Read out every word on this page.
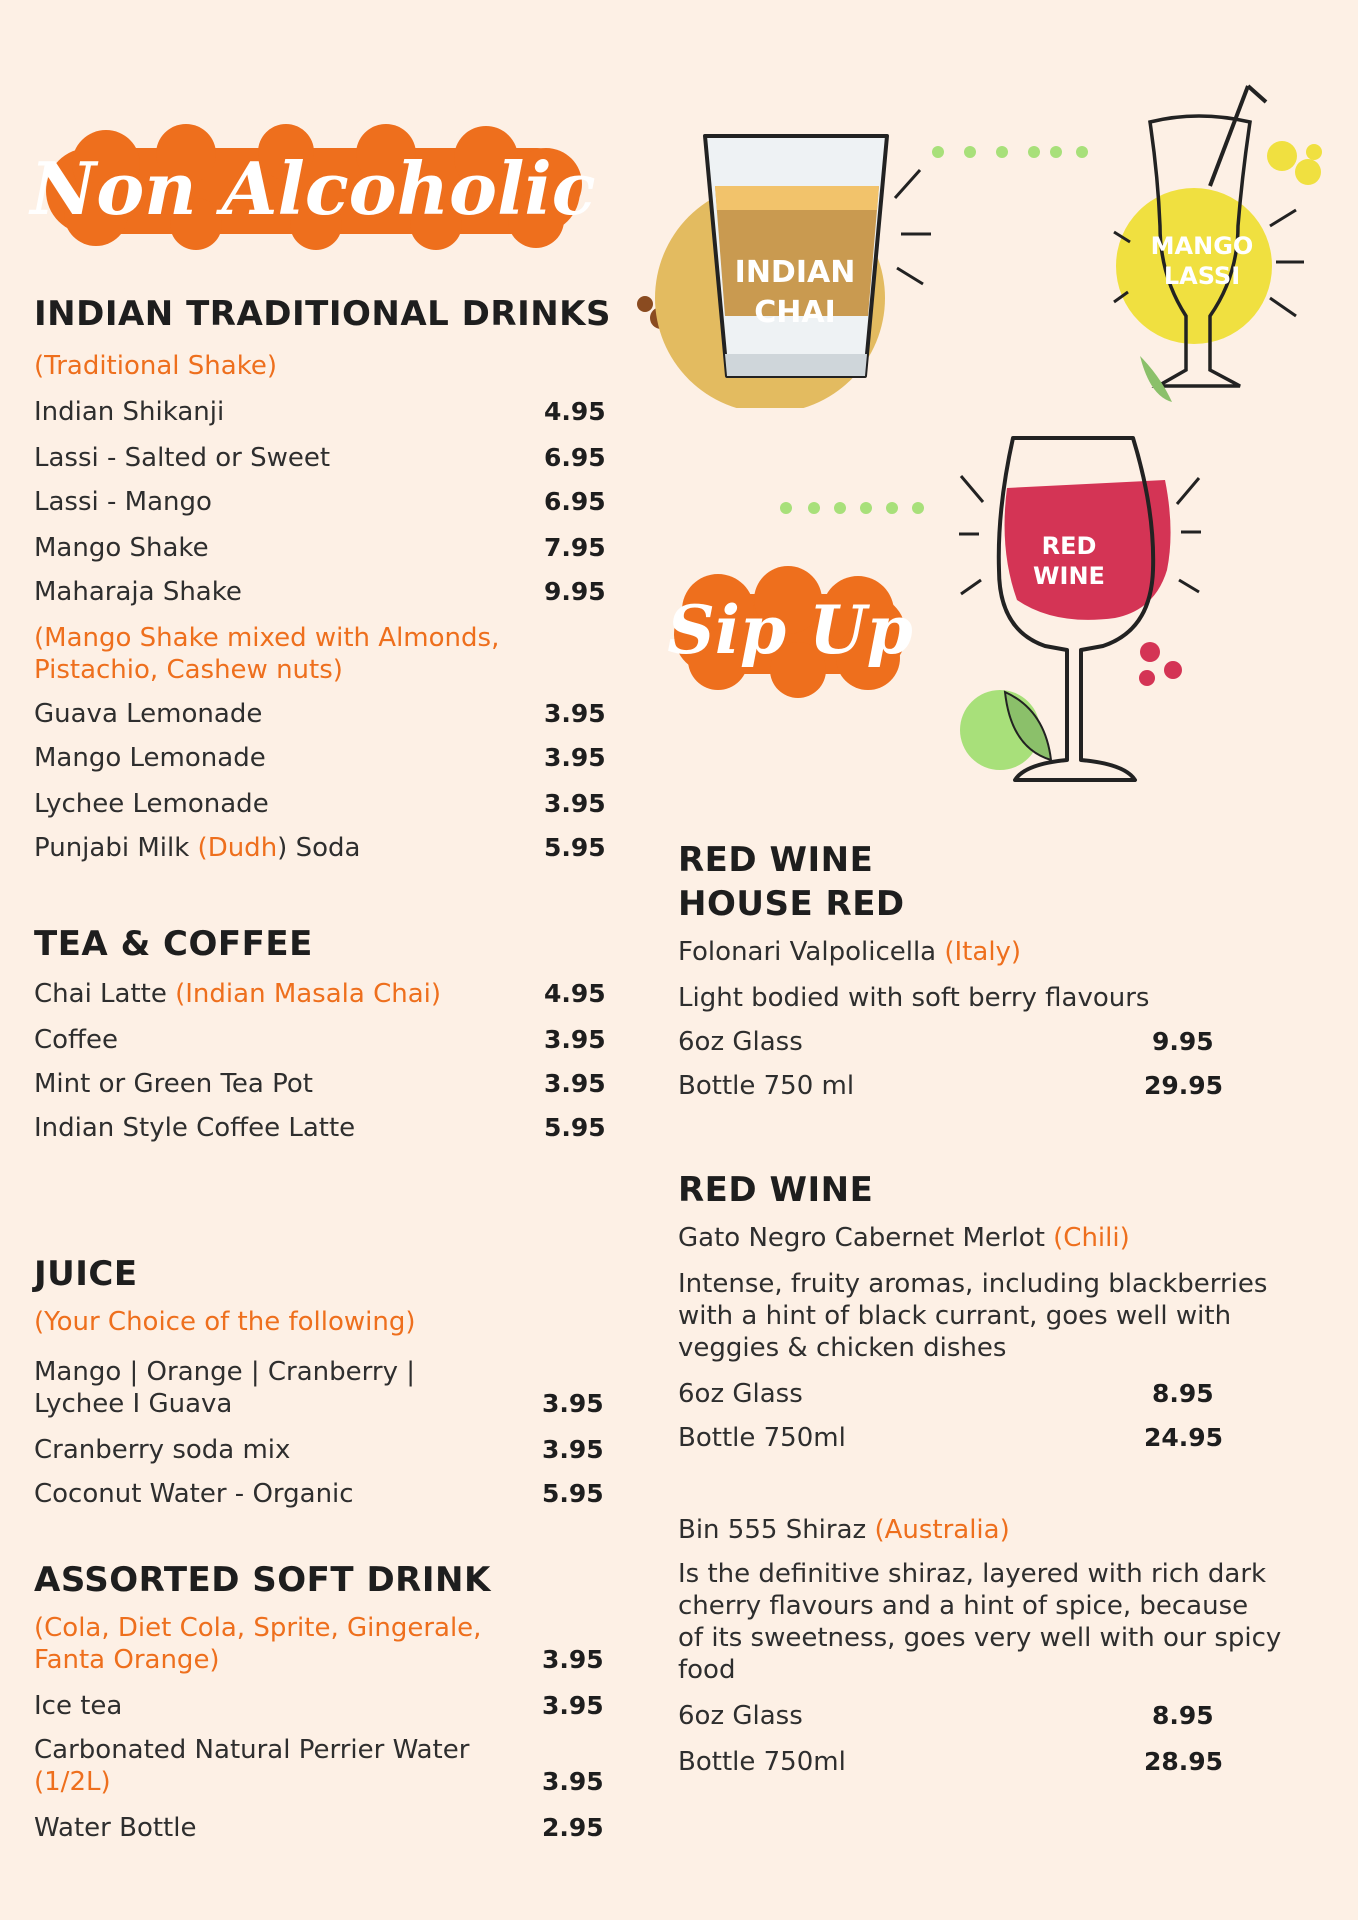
Non Alcoholic
Sip Up
INDIAN
CHAI
MANGO
LASSI
RED
WINE
INDIAN TRADITIONAL DRINKS
(Traditional Shake)
Indian Shikanji	4.95
Lassi - Salted or Sweet	6.95
Lassi - Mango	6.95
Mango Shake	7.95
Maharaja Shake	9.95
(Mango Shake mixed with Almonds, Pistachio, Cashew nuts)
Guava Lemonade	3.95
Mango Lemonade	3.95
Lychee Lemonade	3.95
Punjabi Milk (Dudh) Soda	5.95
TEA & COFFEE
Chai Latte (Indian Masala Chai)	4.95
Coffee	3.95
Mint or Green Tea Pot	3.95
Indian Style Coffee Latte	5.95
JUICE
(Your Choice of the following)
Mango | Orange | Cranberry |
Lychee I Guava	3.95
Cranberry soda mix	3.95
Coconut Water - Organic	5.95
ASSORTED SOFT DRINK
(Cola, Diet Cola, Sprite, Gingerale,
Fanta Orange)	3.95
Ice tea	3.95
Carbonated Natural Perrier Water
(1/2L)	3.95
Water Bottle	2.95
RED WINE
HOUSE RED
Folonari Valpolicella (Italy)
Light bodied with soft berry flavours
6oz Glass	9.95
Bottle 750 ml	29.95
RED WINE
Gato Negro Cabernet Merlot (Chili)
Intense, fruity aromas, including blackberries
with a hint of black currant, goes well with
veggies & chicken dishes
6oz Glass	8.95
Bottle 750ml	24.95
Bin 555 Shiraz (Australia)
Is the definitive shiraz, layered with rich dark
cherry flavours and a hint of spice, because
of its sweetness, goes very well with our spicy
food
6oz Glass	8.95
Bottle 750ml	28.95
